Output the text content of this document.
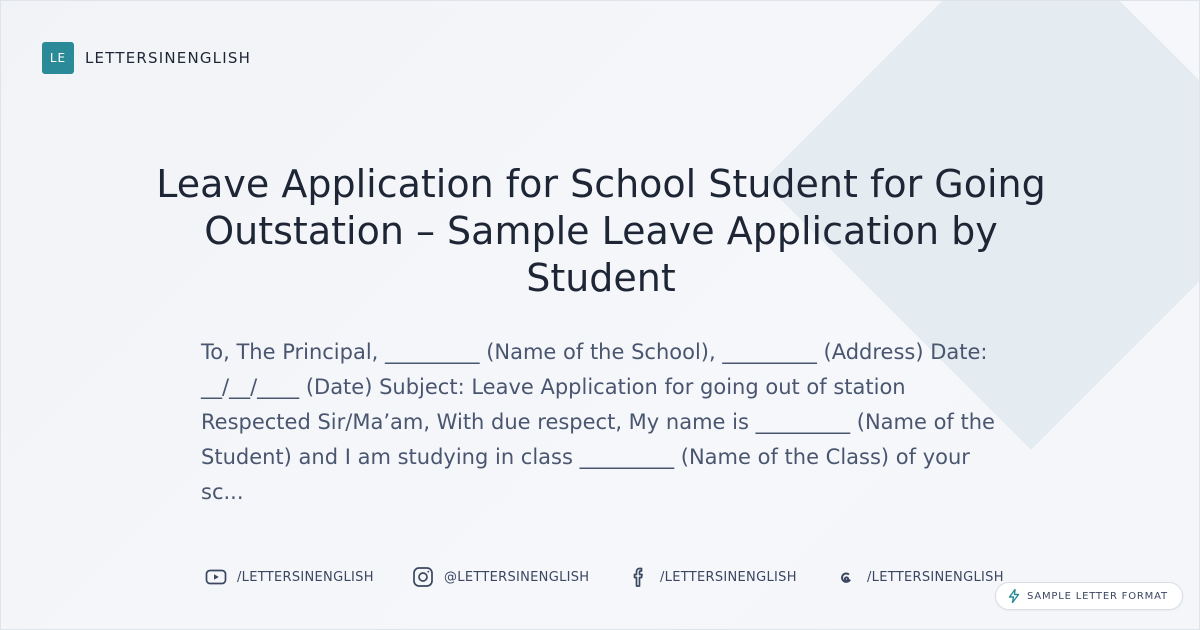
LE	LETTERSINENGLISH
Leave Application for School Student for Going Outstation – Sample Leave Application by Student

To, The Principal, _________ (Name of the School), _________ (Address) Date: __/__/____ (Date) Subject: Leave Application for going out of station Respected Sir/Ma’am, With due respect, My name is _________ (Name of the Student) and I am studying in class _________ (Name of the Class) of your sc...

/LETTERSINENGLISH	@LETTERSINENGLISH	/LETTERSINENGLISH	/LETTERSINENGLISH
SAMPLE LETTER FORMAT
